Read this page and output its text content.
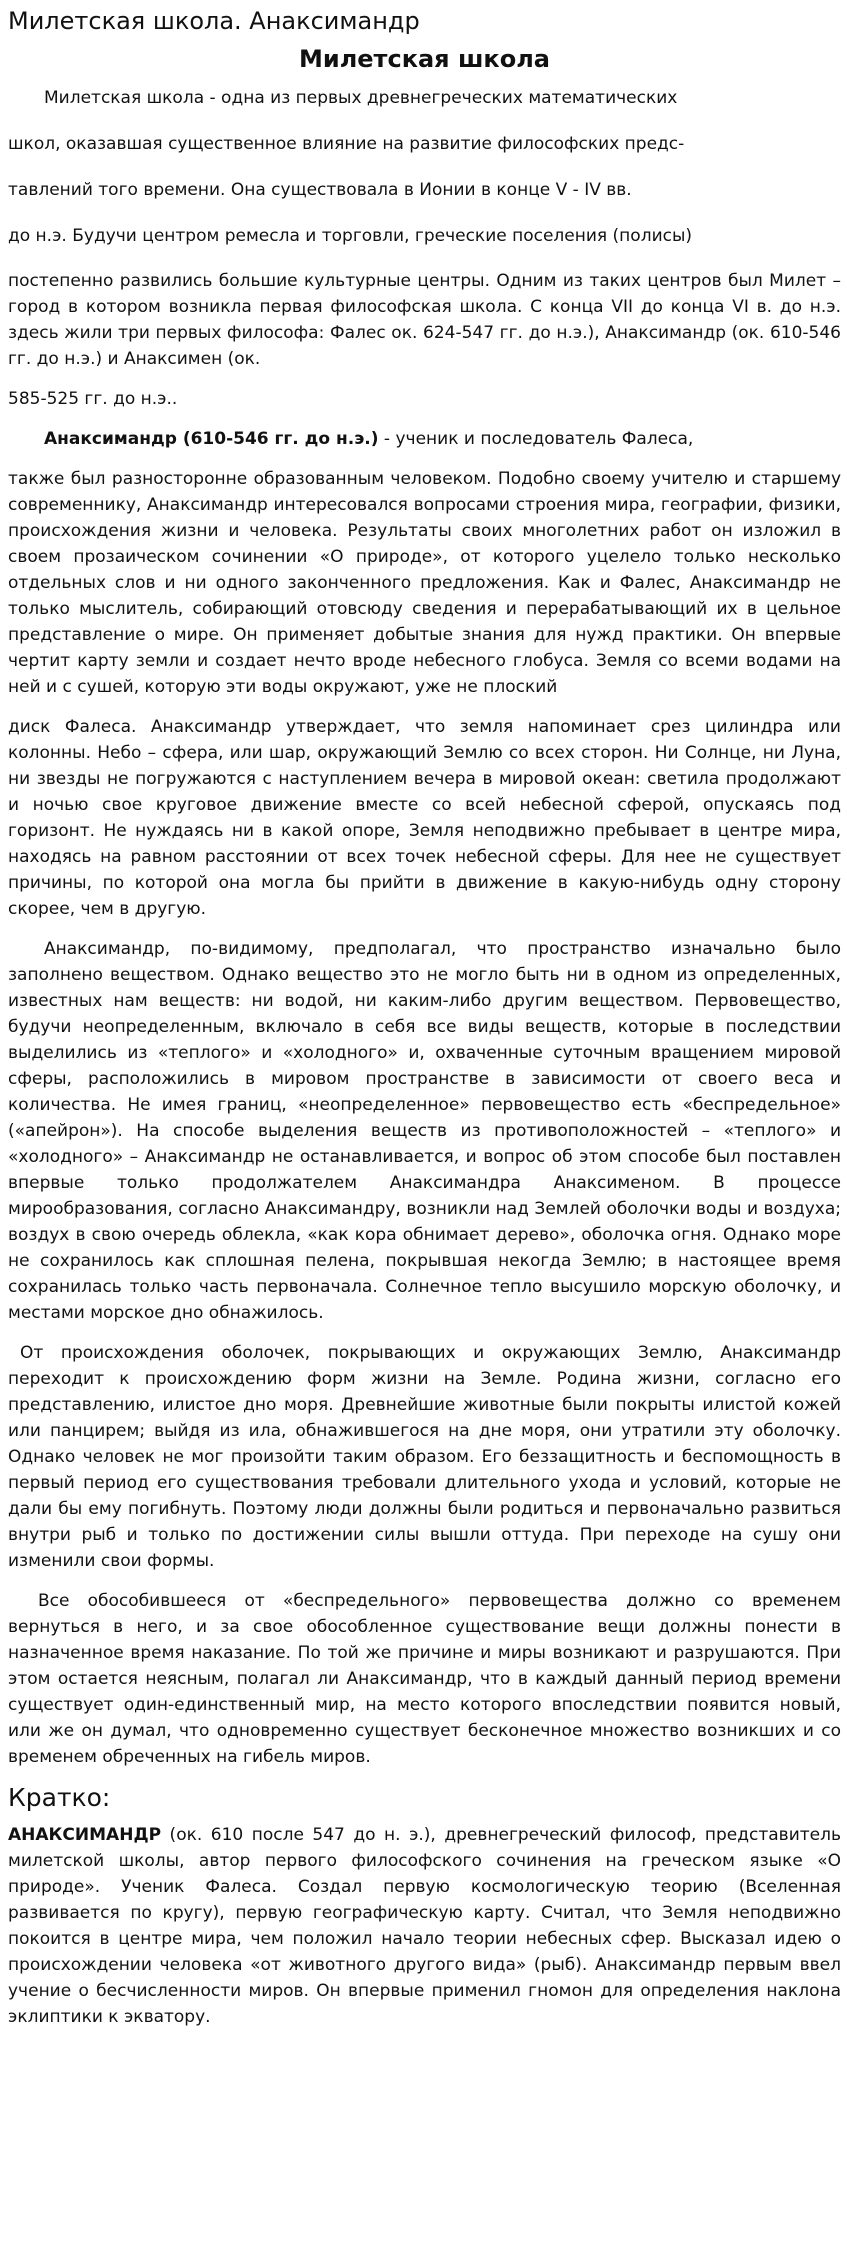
Милетская школа. Анаксимандр
Милетская школа

Милетская школа - одна из первых древнегреческих математических

школ, оказавшая существенное влияние на развитие философских предс-

тавлений того времени. Она существовала в Ионии в конце V - IV вв.

до н.э. Будучи центром ремесла и торговли, греческие поселения (полисы)

постепенно развились большие культурные центры. Одним из таких центров был Милет – город в котором возникла первая философская школа. С конца VII до конца VI в. до н.э. здесь жили три первых философа: Фалес ок. 624-547 гг. до н.э.), Анаксимандр (ок. 610-546 гг. до н.э.) и Анаксимен (ок.

585-525 гг. до н.э..

Анаксимандр (610-546 гг. до н.э.) - ученик и последователь Фалеса,

также был разносторонне образованным человеком. Подобно своему учителю и старшему современнику, Анаксимандр интересовался вопросами строения мира, географии, физики, происхождения жизни и человека. Результаты своих многолетних работ он изложил в своем прозаическом сочинении «О природе», от которого уцелело только несколько отдельных слов и ни одного законченного предложения. Как и Фалес, Анаксимандр не только мыслитель, собирающий отовсюду сведения и перерабатывающий их в цельное представление о мире. Он применяет добытые знания для нужд практики. Он впервые чертит карту земли и создает нечто вроде небесного глобуса. Земля со всеми водами на ней и с сушей, которую эти воды окружают, уже не плоский

диск Фалеса. Анаксимандр утверждает, что земля напоминает срез цилиндра или колонны. Небо – сфера, или шар, окружающий Землю со всех сторон. Ни Солнце, ни Луна, ни звезды не погружаются с наступлением вечера в мировой океан: светила продолжают и ночью свое круговое движение вместе со всей небесной сферой, опускаясь под горизонт. Не нуждаясь ни в какой опоре, Земля неподвижно пребывает в центре мира, находясь на равном расстоянии от всех точек небесной сферы. Для нее не существует причины, по которой она могла бы прийти в движение в какую-нибудь одну сторону скорее, чем в другую.

Анаксимандр, по-видимому, предполагал, что пространство изначально было заполнено веществом. Однако вещество это не могло быть ни в одном из определенных, известных нам веществ: ни водой, ни каким-либо другим веществом. Первовещество, будучи неопределенным, включало в себя все виды веществ, которые в последствии выделились из «теплого» и «холодного» и, охваченные суточным вращением мировой сферы, расположились в мировом пространстве в зависимости от своего веса и количества. Не имея границ, «неопределенное» первовещество есть «беспредельное» («апейрон»). На способе выделения веществ из противоположностей – «теплого» и «холодного» – Анаксимандр не останавливается, и вопрос об этом способе был поставлен впервые только продолжателем Анаксимандра Анаксименом. В процессе мирообразования, согласно Анаксимандру, возникли над Землей оболочки воды и воздуха; воздух в свою очередь облекла, «как кора обнимает дерево», оболочка огня. Однако море не сохранилось как сплошная пелена, покрывшая некогда Землю; в настоящее время сохранилась только часть первоначала. Солнечное тепло высушило морскую оболочку, и местами морское дно обнажилось.

От происхождения оболочек, покрывающих и окружающих Землю, Анаксимандр переходит к происхождению форм жизни на Земле. Родина жизни, согласно его представлению, илистое дно моря. Древнейшие животные были покрыты илистой кожей или панцирем; выйдя из ила, обнажившегося на дне моря, они утратили эту оболочку. Однако человек не мог произойти таким образом. Его беззащитность и беспомощность в первый период его существования требовали длительного ухода и условий, которые не дали бы ему погибнуть. Поэтому люди должны были родиться и первоначально развиться внутри рыб и только по достижении силы вышли оттуда. При переходе на сушу они изменили свои формы.

Все обособившееся от «беспредельного» первовещества должно со временем вернуться в него, и за свое обособленное существование вещи должны понести в назначенное время наказание. По той же причине и миры возникают и разрушаются. При этом остается неясным, полагал ли Анаксимандр, что в каждый данный период времени существует один-единственный мир, на место которого впоследствии появится новый, или же он думал, что одновременно существует бесконечное множество возникших и со временем обреченных на гибель миров.

Кратко:

АНАКСИМАНДР (ок. 610 после 547 до н. э.), древнегреческий философ, представитель милетской школы, автор первого философского сочинения на греческом языке «О природе». Ученик Фалеса. Создал первую космологическую теорию (Вселенная развивается по кругу), первую географическую карту. Считал, что Земля неподвижно покоится в центре мира, чем положил начало теории небесных сфер. Высказал идею о происхождении человека «от животного другого вида» (рыб). Анаксимандр первым ввел учение о бесчисленности миров. Он впервые применил гномон для определения наклона эклиптики к экватору.
